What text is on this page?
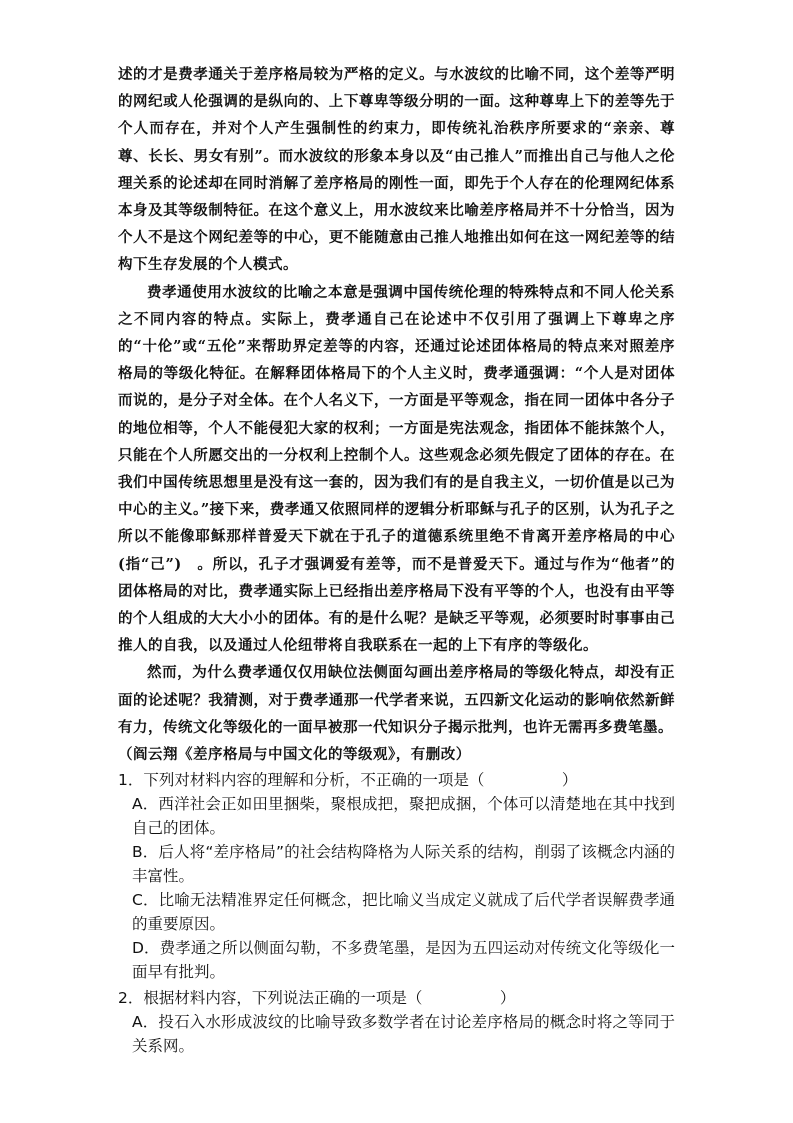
述的才是费孝通关于差序格局较为严格的定义。与水波纹的比喻不同，这个差等严明的网纪或人伦强调的是纵向的、上下尊卑等级分明的一面。这种尊卑上下的差等先于个人而存在，并对个人产生强制性的约束力，即传统礼治秩序所要求的“亲亲、尊尊、长长、男女有别”。而水波纹的形象本身以及“由己推人”而推出自己与他人之伦理关系的论述却在同时消解了差序格局的刚性一面，即先于个人存在的伦理网纪体系本身及其等级制特征。在这个意义上，用水波纹来比喻差序格局并不十分恰当，因为个人不是这个网纪差等的中心，更不能随意由己推人地推出如何在这一网纪差等的结构下生存发展的个人模式。

费孝通使用水波纹的比喻之本意是强调中国传统伦理的特殊特点和不同人伦关系之不同内容的特点。实际上，费孝通自己在论述中不仅引用了强调上下尊卑之序的“十伦”或“五伦”来帮助界定差等的内容，还通过论述团体格局的特点来对照差序格局的等级化特征。在解释团体格局下的个人主义时，费孝通强调：“个人是对团体而说的，是分子对全体。在个人名义下，一方面是平等观念，指在同一团体中各分子的地位相等，个人不能侵犯大家的权利；一方面是宪法观念，指团体不能抹煞个人，只能在个人所愿交出的一分权利上控制个人。这些观念必须先假定了团体的存在。在我们中国传统思想里是没有这一套的，因为我们有的是自我主义，一切价值是以己为中心的主义。”接下来，费孝通又依照同样的逻辑分析耶稣与孔子的区别，认为孔子之所以不能像耶稣那样普爱天下就在于孔子的道德系统里绝不肯离开差序格局的中心　(指“己”)　。所以，孔子才强调爱有差等，而不是普爱天下。通过与作为“他者”的团体格局的对比，费孝通实际上已经指出差序格局下没有平等的个人，也没有由平等的个人组成的大大小小的团体。有的是什么呢？是缺乏平等观，必须要时时事事由己推人的自我，以及通过人伦纽带将自我联系在一起的上下有序的等级化。

然而，为什么费孝通仅仅用缺位法侧面勾画出差序格局的等级化特点，却没有正面的论述呢？我猜测，对于费孝通那一代学者来说，五四新文化运动的影响依然新鲜有力，传统文化等级化的一面早被那一代知识分子揭示批判，也许无需再多费笔墨。

（阎云翔《差序格局与中国文化的等级观》，有删改）

1．下列对材料内容的理解和分析，不正确的一项是（　　　　　）

A．西洋社会正如田里捆柴，聚根成把，聚把成捆，个体可以清楚地在其中找到自己的团体。

B．后人将“差序格局”的社会结构降格为人际关系的结构，削弱了该概念内涵的丰富性。

C．比喻无法精准界定任何概念，把比喻义当成定义就成了后代学者误解费孝通的重要原因。

D．费孝通之所以侧面勾勒，不多费笔墨，是因为五四运动对传统文化等级化一面早有批判。

2．根据材料内容，下列说法正确的一项是（　　　　　）

A．投石入水形成波纹的比喻导致多数学者在讨论差序格局的概念时将之等同于关系网。
